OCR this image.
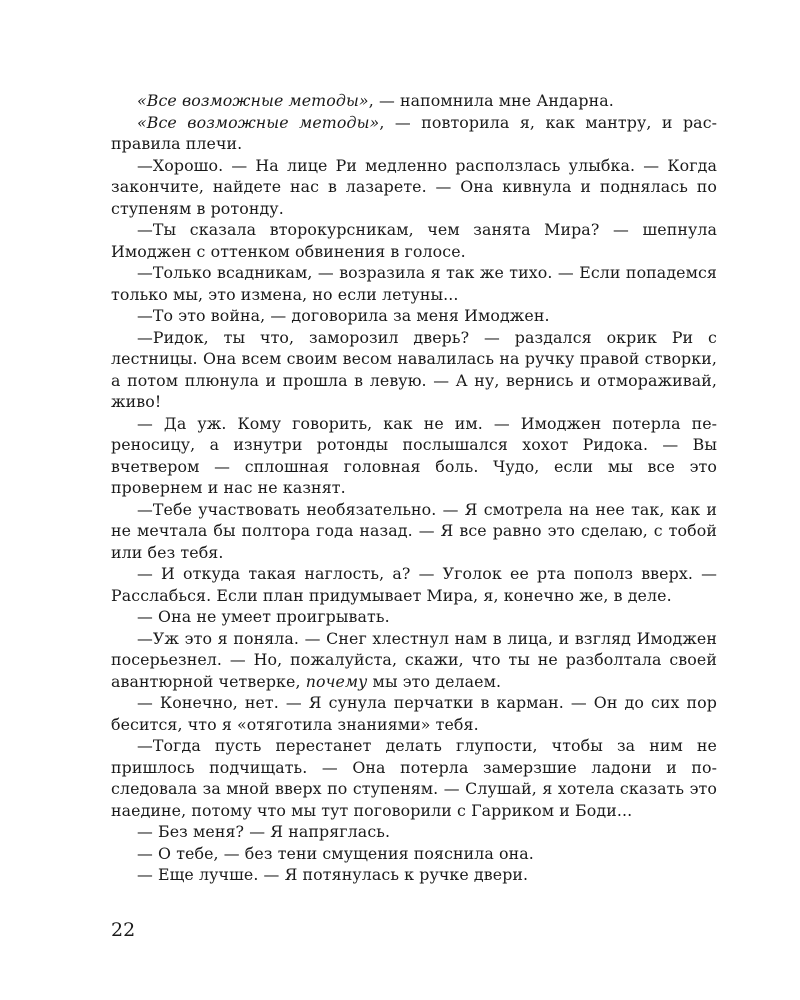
«Все возможные методы», — напомнила мне Андарна.

«Все возможные методы», — повторила я, как мантру, и расправила плечи.

—Хорошо. — На лице Ри медленно расползлась улыбка. — Когда закончите, найдете нас в лазарете. — Она кивнула и поднялась по ступеням в ротонду.

—Ты сказала второкурсникам, чем занята Мира? — шепнула Имоджен с оттенком обвинения в голосе.

—Только всадникам, — возразила я так же тихо. — Если попадемся только мы, это измена, но если летуны...

—То это война, — договорила за меня Имоджен.

—Ридок, ты что, заморозил дверь? — раздался окрик Ри с лестницы. Она всем своим весом навалилась на ручку правой створки, а потом плюнула и прошла в левую. — А ну, вернись и отмораживай, живо!

— Да уж. Кому говорить, как не им. — Имоджен потерла переносицу, а изнутри ротонды послышался хохот Ридока. — Вы вчетвером — сплошная головная боль. Чудо, если мы все это провернем и нас не казнят.

—Тебе участвовать необязательно. — Я смотрела на нее так, как и не мечтала бы полтора года назад. — Я все равно это сделаю, с тобой или без тебя.

— И откуда такая наглость, а? — Уголок ее рта пополз вверх. — Расслабься. Если план придумывает Мира, я, конечно же, в деле.

— Она не умеет проигрывать.

—Уж это я поняла. — Снег хлестнул нам в лица, и взгляд Имоджен посерьезнел. — Но, пожалуйста, скажи, что ты не разболтала своей авантюрной четверке, почему мы это делаем.

— Конечно, нет. — Я сунула перчатки в карман. — Он до сих пор бесится, что я «отяготила знаниями» тебя.

—Тогда пусть перестанет делать глупости, чтобы за ним не пришлось подчищать. — Она потерла замерзшие ладони и последовала за мной вверх по ступеням. — Слушай, я хотела сказать это наедине, потому что мы тут поговорили с Гарриком и Боди...

— Без меня? — Я напряглась.

— О тебе, — без тени смущения пояснила она.

— Еще лучше. — Я потянулась к ручке двери.

22
